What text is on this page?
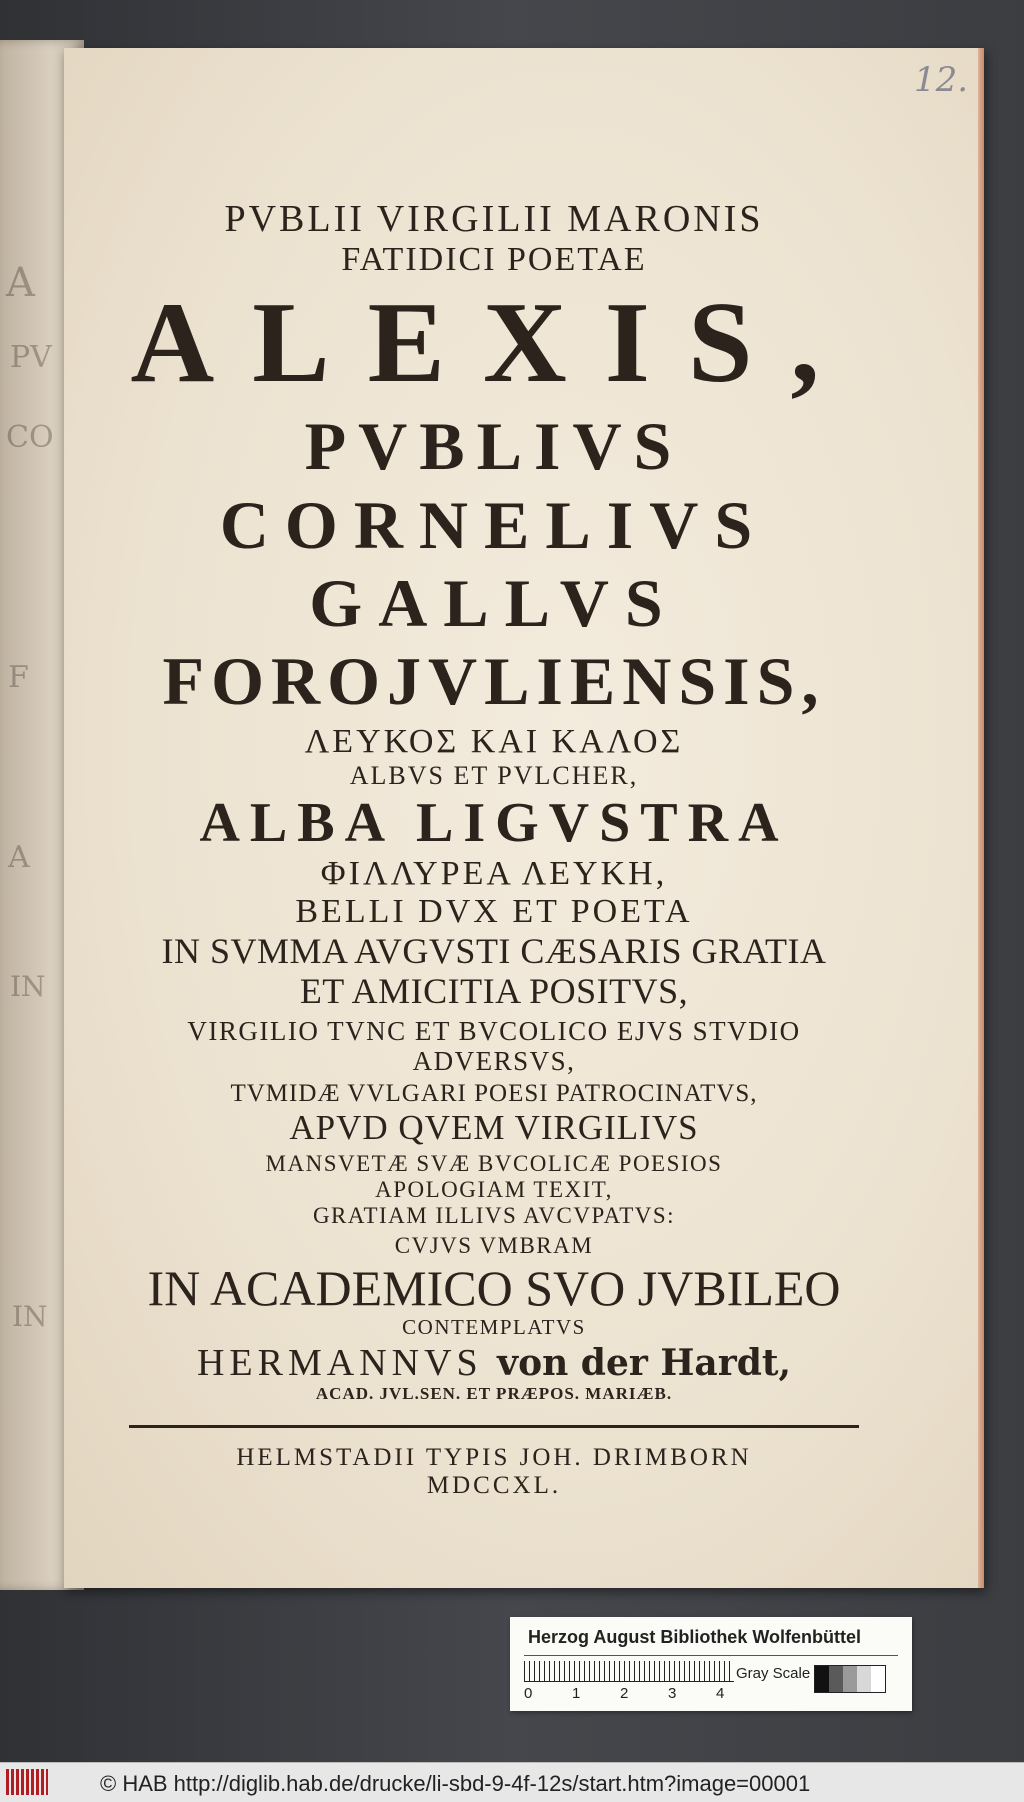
A
PV
CO
F
A
IN
IN
12.
PVBLII VIRGILII MARONIS
FATIDICI POETAE
ALEXIS,
PVBLIVS
CORNELIVS
GALLVS
FOROJVLIENSIS,
ΛΕΥΚΟΣ ΚΑΙ ΚΑΛΟΣ
ALBVS ET PVLCHER,
ALBA LIGVSTRA
ΦΙΛΛΥΡΕΑ ΛΕΥΚΗ,
BELLI DVX ET POETA
IN SVMMA AVGVSTI CÆSARIS GRATIA
ET AMICITIA POSITVS,
VIRGILIO TVNC ET BVCOLICO EJVS STVDIO
ADVERSVS,
TVMIDÆ VVLGARI POESI PATROCINATVS,
APVD QVEM VIRGILIVS
MANSVETÆ SVÆ BVCOLICÆ POESIOS
APOLOGIAM TEXIT,
GRATIAM ILLIVS AVCVPATVS:
CVJVS VMBRAM
IN ACADEMICO SVO JVBILEO
CONTEMPLATVS
HERMANNVS von der Hardt,
ACAD. JVL.SEN. ET PRÆPOS. MARIÆB.
HELMSTADII TYPIS JOH. DRIMBORN
MDCCXL.
Herzog August Bibliothek Wolfenbüttel
0	1	2	3	4
Gray Scale
© HAB http://diglib.hab.de/drucke/li-sbd-9-4f-12s/start.htm?image=00001
